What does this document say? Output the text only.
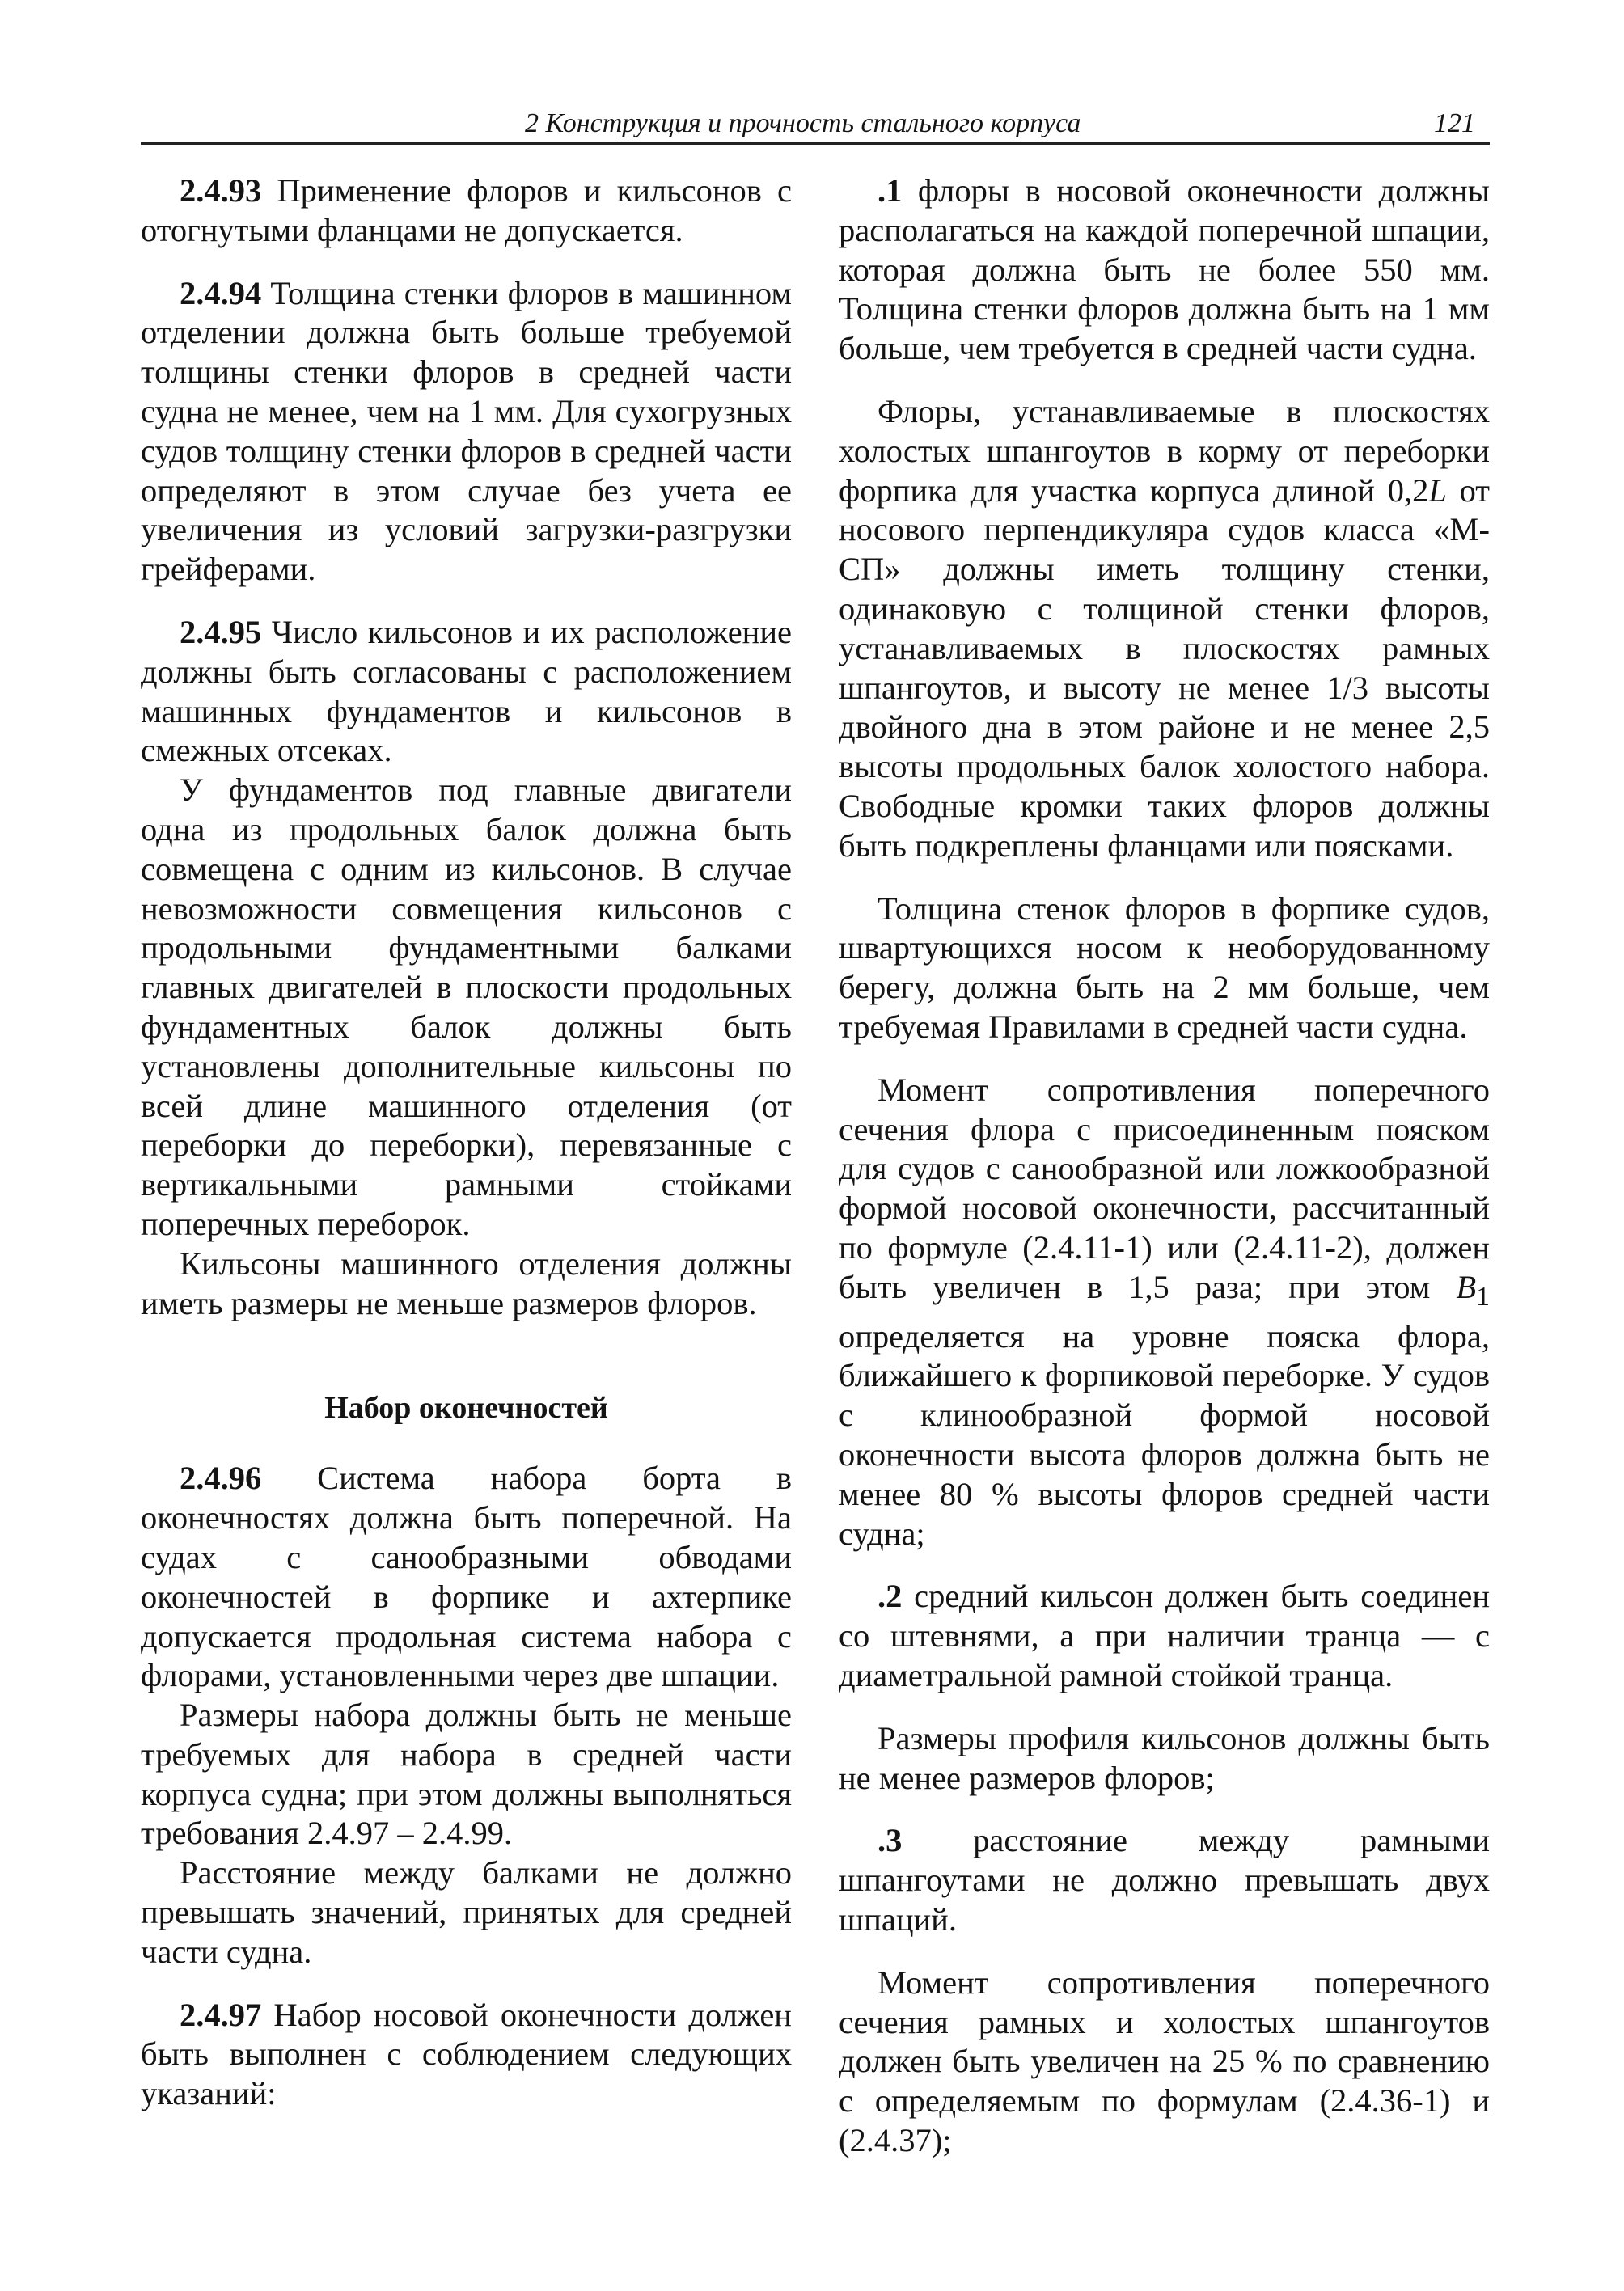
2 Конструкция и прочность стального корпуса	121

2.4.93 Применение флоров и кильсонов с отогнутыми фланцами не допускается.

2.4.94 Толщина стенки флоров в машинном отделении должна быть больше требуемой толщины стенки флоров в средней части судна не менее, чем на 1 мм. Для сухогрузных судов толщину стенки флоров в средней части определяют в этом случае без учета ее увеличения из условий загрузки-разгрузки грейферами.

2.4.95 Число кильсонов и их расположение должны быть согласованы с расположением машинных фундаментов и кильсонов в смежных отсеках.

У фундаментов под главные двигатели одна из продольных балок должна быть совмещена с одним из кильсонов. В случае невозможности совмещения кильсонов с продольными фундаментными балками главных двигателей в плоскости продольных фундаментных балок должны быть установлены дополнительные кильсоны по всей длине машинного отделения (от переборки до переборки), перевязанные с вертикальными рамными стойками поперечных переборок.

Кильсоны машинного отделения должны иметь размеры не меньше размеров флоров.

Набор оконечностей

2.4.96 Система набора борта в оконечностях должна быть поперечной. На судах с санообразными обводами оконечностей в форпике и ахтерпике допускается продольная система набора с флорами, установленными через две шпации.

Размеры набора должны быть не меньше требуемых для набора в средней части корпуса судна; при этом должны выполняться требования 2.4.97 – 2.4.99.

Расстояние между балками не должно превышать значений, принятых для средней части судна.

2.4.97 Набор носовой оконечности должен быть выполнен с соблюдением следующих указаний:

.1 флоры в носовой оконечности должны располагаться на каждой поперечной шпации, которая должна быть не более 550 мм. Толщина стенки флоров должна быть на 1 мм больше, чем требуется в средней части судна.

Флоры, устанавливаемые в плоскостях холостых шпангоутов в корму от переборки форпика для участка корпуса длиной 0,2L от носового перпендикуляра судов класса «М-СП» должны иметь толщину стенки, одинаковую с толщиной стенки флоров, устанавливаемых в плоскостях рамных шпангоутов, и высоту не менее 1/3 высоты двойного дна в этом районе и не менее 2,5 высоты продольных балок холостого набора. Свободные кромки таких флоров должны быть подкреплены фланцами или поясками.

Толщина стенок флоров в форпике судов, швартующихся носом к необорудованному берегу, должна быть на 2 мм больше, чем требуемая Правилами в средней части судна.

Момент сопротивления поперечного сечения флора с присоединенным пояском для судов с санообразной или ложкообразной формой носовой оконечности, рассчитанный по формуле (2.4.11-1) или (2.4.11-2), должен быть увеличен в 1,5 раза; при этом $B_1$ определяется на уровне пояска флора, ближайшего к форпиковой переборке. У судов с клинообразной формой носовой оконечности высота флоров должна быть не менее 80 % высоты флоров средней части судна;

.2 средний кильсон должен быть соединен со штевнями, а при наличии транца — с диаметральной рамной стойкой транца.

Размеры профиля кильсонов должны быть не менее размеров флоров;

.3 расстояние между рамными шпангоутами не должно превышать двух шпаций.

Момент сопротивления поперечного сечения рамных и холостых шпангоутов должен быть увеличен на 25 % по сравнению с определяемым по формулам (2.4.36-1) и (2.4.37);
